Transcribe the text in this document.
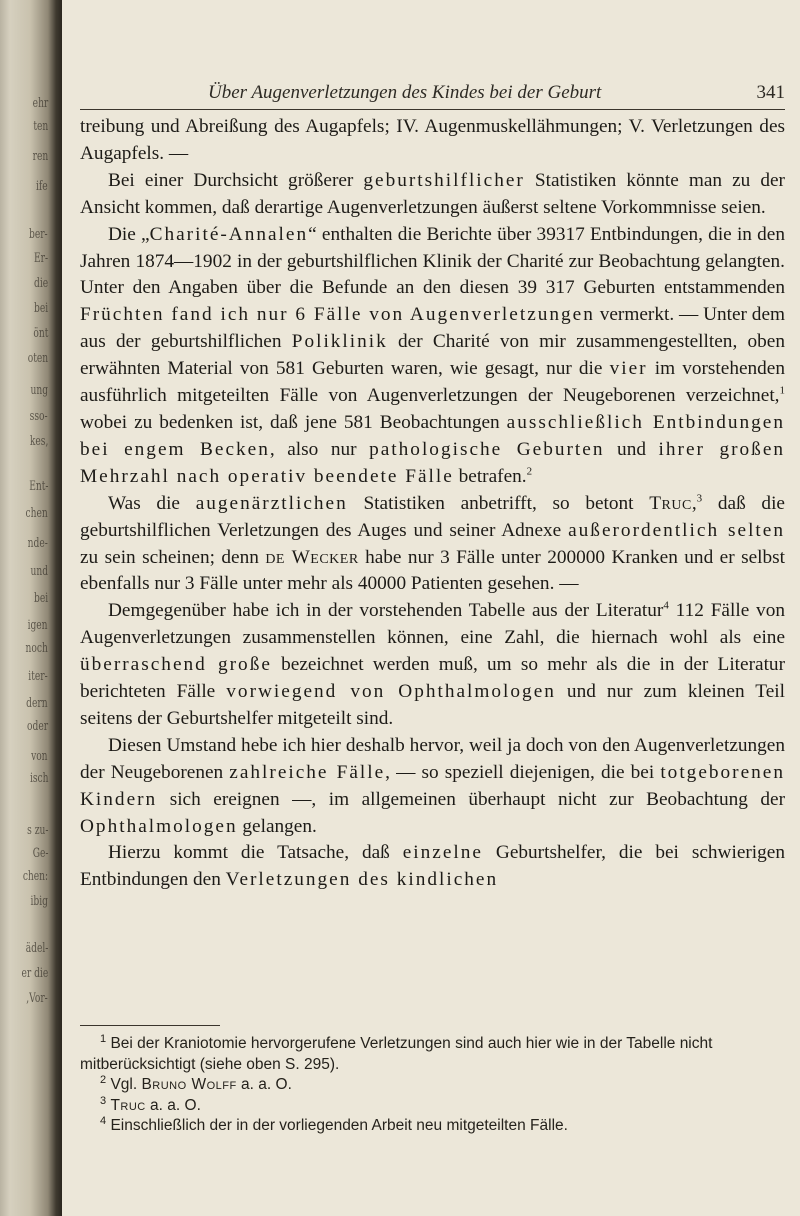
ehr
ten
ren
ife
ber-
Er-
die
bei
önt
oten
ung
sso-
kes,
Ent-
chen
nde-
und
bei
igen
noch
iter-
dern
oder
von
isch
s zu-
Ge-
chen:
ibig
ädel-
er die
,Vor-
Über Augenverletzungen des Kindes bei der Geburt	341

treibung und Abreißung des Augapfels; IV. Augenmuskellähmungen; V. Verletzungen des Augapfels. —

Bei einer Durchsicht größerer geburtshilflicher Statistiken könnte man zu der Ansicht kommen, daß derartige Augenverletzungen äußerst seltene Vorkommnisse seien.

Die „Charité-Annalen“ enthalten die Berichte über 39317 Entbindungen, die in den Jahren 1874—1902 in der geburtshilflichen Klinik der Charité zur Beobachtung gelangten. Unter den Angaben über die Befunde an den diesen 39 317 Geburten entstammenden Früchten fand ich nur 6 Fälle von Augenverletzungen vermerkt. — Unter dem aus der geburtshilflichen Poliklinik der Charité von mir zusammengestellten, oben erwähnten Material von 581 Geburten waren, wie gesagt, nur die vier im vorstehenden ausführlich mitgeteilten Fälle von Augenverletzungen der Neugeborenen verzeichnet,$^1$ wobei zu bedenken ist, daß jene 581 Beobachtungen ausschließlich Entbindungen bei engem Becken, also nur pathologische Geburten und ihrer großen Mehrzahl nach operativ beendete Fälle betrafen.$^2$

Was die augenärztlichen Statistiken anbetrifft, so betont Truc,$^3$ daß die geburtshilflichen Verletzungen des Auges und seiner Adnexe außerordentlich selten zu sein scheinen; denn de Wecker habe nur 3 Fälle unter 200000 Kranken und er selbst ebenfalls nur 3 Fälle unter mehr als 40000 Patienten gesehen. —

Demgegenüber habe ich in der vorstehenden Tabelle aus der Literatur$^4$ 112 Fälle von Augenverletzungen zusammenstellen können, eine Zahl, die hiernach wohl als eine überraschend große bezeichnet werden muß, um so mehr als die in der Literatur berichteten Fälle vorwiegend von Ophthalmologen und nur zum kleinen Teil seitens der Geburtshelfer mitgeteilt sind.

Diesen Umstand hebe ich hier deshalb hervor, weil ja doch von den Augenverletzungen der Neugeborenen zahlreiche Fälle, — so speziell diejenigen, die bei totgeborenen Kindern sich ereignen —, im allgemeinen überhaupt nicht zur Beobachtung der Ophthalmologen gelangen.

Hierzu kommt die Tatsache, daß einzelne Geburtshelfer, die bei schwierigen Entbindungen den Verletzungen des kindlichen

$^1$ Bei der Kraniotomie hervorgerufene Verletzungen sind auch hier wie in der Tabelle nicht mitberücksichtigt (siehe oben S. 295).

$^2$ Vgl. Bruno Wolff a. a. O.

$^3$ Truc a. a. O.

$^4$ Einschließlich der in der vorliegenden Arbeit neu mitgeteilten Fälle.
